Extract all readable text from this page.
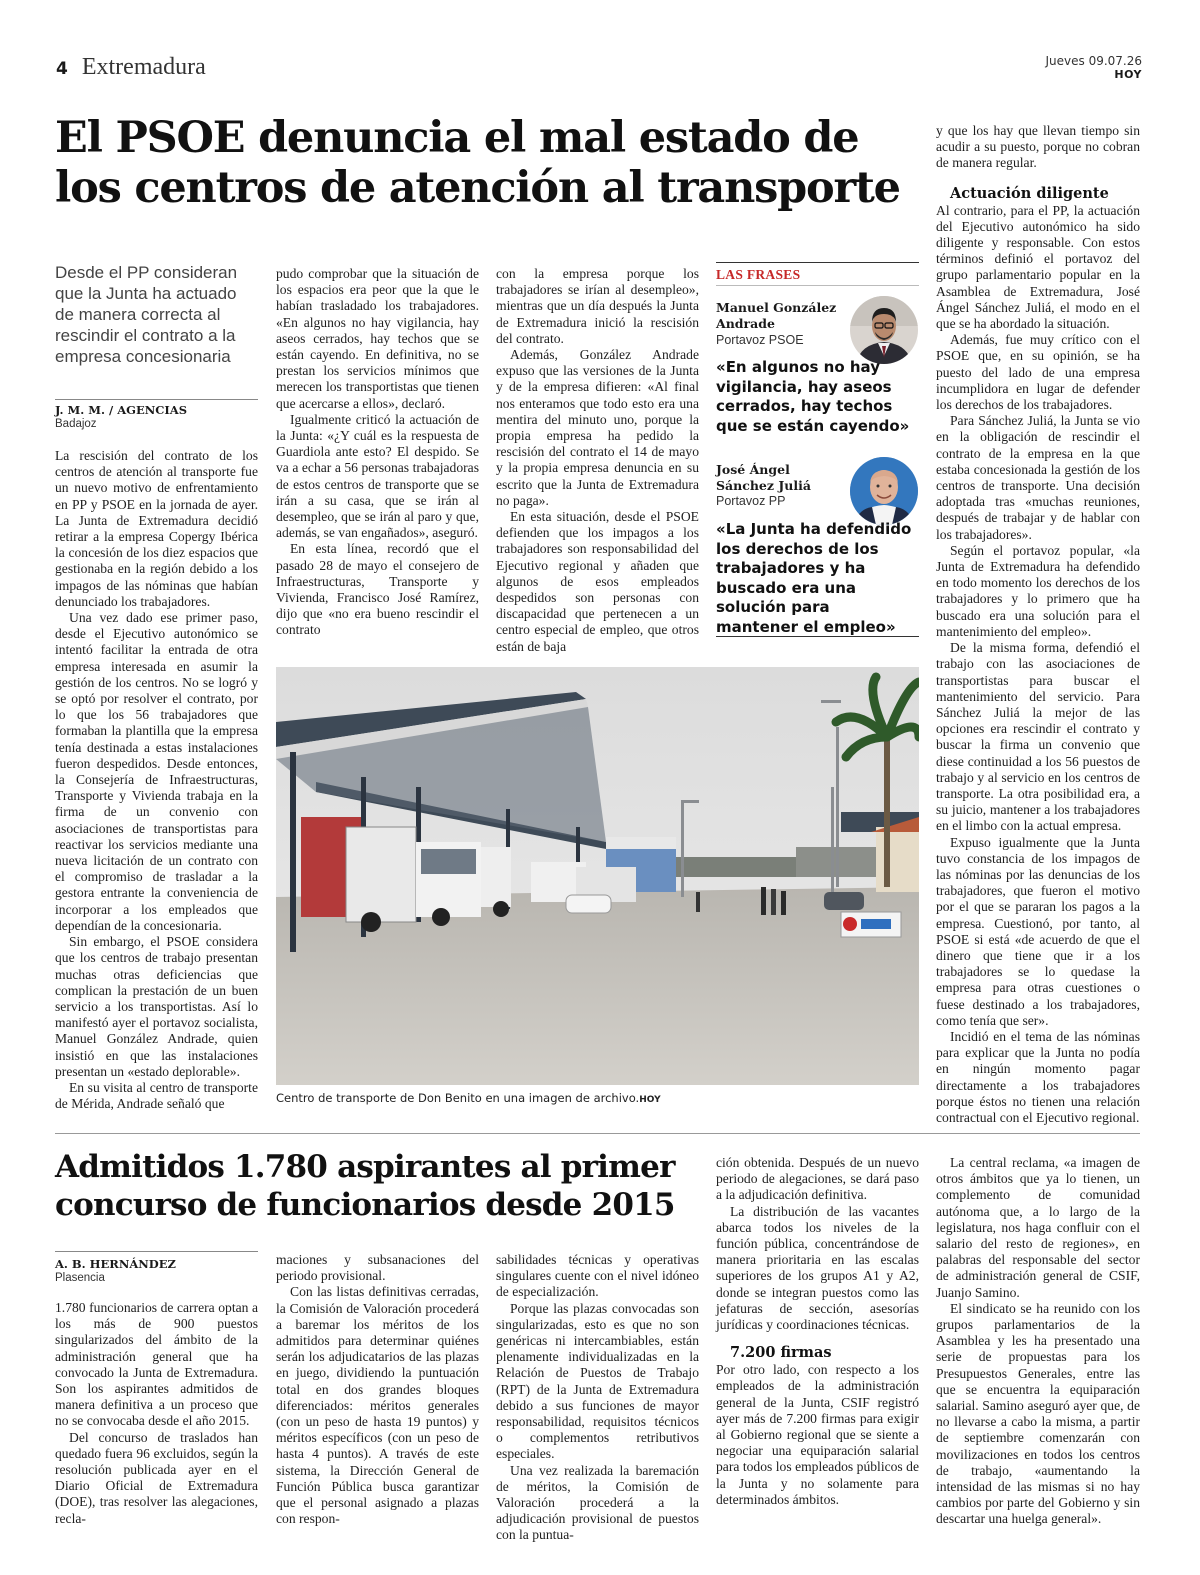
4 Extremadura	Jueves 09.07.26
HOY
El PSOE denuncia el mal estado de los centros de atención al transporte
Desde el PP consideran que la Junta ha actuado de manera correcta al rescindir el contrato a la empresa concesionaria
J. M. M. / AGENCIAS
Badajoz

La rescisión del contrato de los centros de atención al transporte fue un nuevo motivo de enfrentamiento en PP y PSOE en la jornada de ayer. La Junta de Extremadura decidió retirar a la empresa Copergy Ibérica la concesión de los diez espacios que gestionaba en la región debido a los impagos de las nóminas que habían denunciado los trabajadores.

Una vez dado ese primer paso, desde el Ejecutivo autonómico se intentó facilitar la entrada de otra empresa interesada en asumir la gestión de los centros. No se logró y se optó por resolver el contrato, por lo que los 56 trabajadores que formaban la plantilla que la empresa tenía destinada a estas instalaciones fueron despedidos. Desde entonces, la Consejería de Infraestructuras, Transporte y Vivienda trabaja en la firma de un convenio con asociaciones de transportistas para reactivar los servicios mediante una nueva licitación de un contrato con el compromiso de trasladar a la gestora entrante la conveniencia de incorporar a los empleados que dependían de la concesionaria.

Sin embargo, el PSOE considera que los centros de trabajo presentan muchas otras deficiencias que complican la prestación de un buen servicio a los transportistas. Así lo manifestó ayer el portavoz socialista, Manuel González Andrade, quien insistió en que las instalaciones presentan un «estado deplorable».

En su visita al centro de transporte de Mérida, Andrade señaló que

pudo comprobar que la situación de los espacios era peor que la que le habían trasladado los trabajadores. «En algunos no hay vigilancia, hay aseos cerrados, hay techos que se están cayendo. En definitiva, no se prestan los servicios mínimos que merecen los transportistas que tienen que acercarse a ellos», declaró.

Igualmente criticó la actuación de la Junta: «¿Y cuál es la respuesta de Guardiola ante esto? El despido. Se va a echar a 56 personas trabajadoras de estos centros de transporte que se irán a su casa, que se irán al desempleo, que se irán al paro y que, además, se van engañados», aseguró.

En esta línea, recordó que el pasado 28 de mayo el consejero de Infraestructuras, Transporte y Vivienda, Francisco José Ramírez, dijo que «no era bueno rescindir el contrato

con la empresa porque los trabajadores se irían al desempleo», mientras que un día después la Junta de Extremadura inició la rescisión del contrato.

Además, González Andrade expuso que las versiones de la Junta y de la empresa difieren: «Al final nos enteramos que todo esto era una mentira del minuto uno, porque la propia empresa ha pedido la rescisión del contrato el 14 de mayo y la propia empresa denuncia en su escrito que la Junta de Extremadura no paga».

En esta situación, desde el PSOE defienden que los impagos a los trabajadores son responsabilidad del Ejecutivo regional y añaden que algunos de esos empleados despedidos son personas con discapacidad que pertenecen a un centro especial de empleo, que otros están de baja

LAS FRASES
Manuel González Andrade
Portavoz PSOE
«En algunos no hay vigilancia, hay aseos cerrados, hay techos que se están cayendo»
José Ángel Sánchez Juliá
Portavoz PP
«La Junta ha defendido los derechos de los trabajadores y ha buscado era una solución para mantener el empleo»

y que los hay que llevan tiempo sin acudir a su puesto, porque no cobran de manera regular.

Actuación diligente

Al contrario, para el PP, la actuación del Ejecutivo autonómico ha sido diligente y responsable. Con estos términos definió el portavoz del grupo parlamentario popular en la Asamblea de Extremadura, José Ángel Sánchez Juliá, el modo en el que se ha abordado la situación.

Además, fue muy crítico con el PSOE que, en su opinión, se ha puesto del lado de una empresa incumplidora en lugar de defender los derechos de los trabajadores.

Para Sánchez Juliá, la Junta se vio en la obligación de rescindir el contrato de la empresa en la que estaba concesionada la gestión de los centros de transporte. Una decisión adoptada tras «muchas reuniones, después de trabajar y de hablar con los trabajadores».

Según el portavoz popular, «la Junta de Extremadura ha defendido en todo momento los derechos de los trabajadores y lo primero que ha buscado era una solución para el mantenimiento del empleo».

De la misma forma, defendió el trabajo con las asociaciones de transportistas para buscar el mantenimiento del servicio. Para Sánchez Juliá la mejor de las opciones era rescindir el contrato y buscar la firma un convenio que diese continuidad a los 56 puestos de trabajo y al servicio en los centros de transporte. La otra posibilidad era, a su juicio, mantener a los trabajadores en el limbo con la actual empresa.

Expuso igualmente que la Junta tuvo constancia de los impagos de las nóminas por las denuncias de los trabajadores, que fueron el motivo por el que se pararan los pagos a la empresa. Cuestionó, por tanto, al PSOE si está «de acuerdo de que el dinero que tiene que ir a los trabajadores se lo quedase la empresa para otras cuestiones o fuese destinado a los trabajadores, como tenía que ser».

Incidió en el tema de las nóminas para explicar que la Junta no podía en ningún momento pagar directamente a los trabajadores porque éstos no tienen una relación contractual con el Ejecutivo regional.

Centro de transporte de Don Benito en una imagen de archivo.HOY
Admitidos 1.780 aspirantes al primer concurso de funcionarios desde 2015
A. B. HERNÁNDEZ
Plasencia

1.780 funcionarios de carrera optan a los más de 900 puestos singularizados del ámbito de la administración general que ha convocado la Junta de Extremadura. Son los aspirantes admitidos de manera definitiva a un proceso que no se convocaba desde el año 2015.

Del concurso de traslados han quedado fuera 96 excluidos, según la resolución publicada ayer en el Diario Oficial de Extremadura (DOE), tras resolver las alegaciones, recla-

maciones y subsanaciones del periodo provisional.

Con las listas definitivas cerradas, la Comisión de Valoración procederá a baremar los méritos de los admitidos para determinar quiénes serán los adjudicatarios de las plazas en juego, dividiendo la puntuación total en dos grandes bloques diferenciados: méritos generales (con un peso de hasta 19 puntos) y méritos específicos (con un peso de hasta 4 puntos). A través de este sistema, la Dirección General de Función Pública busca garantizar que el personal asignado a plazas con respon-

sabilidades técnicas y operativas singulares cuente con el nivel idóneo de especialización.

Porque las plazas convocadas son singularizadas, esto es que no son genéricas ni intercambiables, están plenamente individualizadas en la Relación de Puestos de Trabajo (RPT) de la Junta de Extremadura debido a sus funciones de mayor responsabilidad, requisitos técnicos o complementos retributivos especiales.

Una vez realizada la baremación de méritos, la Comisión de Valoración procederá a la adjudicación provisional de puestos con la puntua-

ción obtenida. Después de un nuevo periodo de alegaciones, se dará paso a la adjudicación definitiva.

La distribución de las vacantes abarca todos los niveles de la función pública, concentrándose de manera prioritaria en las escalas superiores de los grupos A1 y A2, donde se integran puestos como las jefaturas de sección, asesorías jurídicas y coordinaciones técnicas.

7.200 firmas

Por otro lado, con respecto a los empleados de la administración general de la Junta, CSIF registró ayer más de 7.200 firmas para exigir al Gobierno regional que se siente a negociar una equiparación salarial para todos los empleados públicos de la Junta y no solamente para determinados ámbitos.

La central reclama, «a imagen de otros ámbitos que ya lo tienen, un complemento de comunidad autónoma que, a lo largo de la legislatura, nos haga confluir con el salario del resto de regiones», en palabras del responsable del sector de administración general de CSIF, Juanjo Samino.

El sindicato se ha reunido con los grupos parlamentarios de la Asamblea y les ha presentado una serie de propuestas para los Presupuestos Generales, entre las que se encuentra la equiparación salarial. Samino aseguró ayer que, de no llevarse a cabo la misma, a partir de septiembre comenzarán con movilizaciones en todos los centros de trabajo, «aumentando la intensidad de las mismas si no hay cambios por parte del Gobierno y sin descartar una huelga general».
